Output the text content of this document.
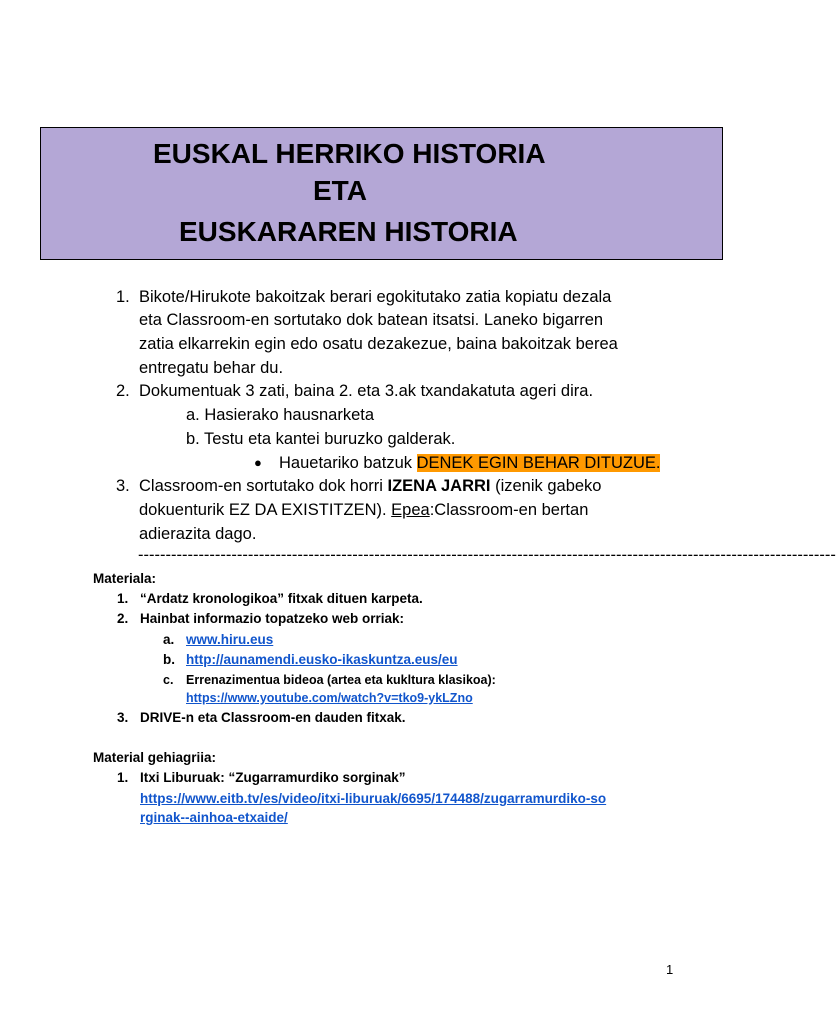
EUSKAL HERRIKO HISTORIA
ETA
EUSKARAREN HISTORIA
1. Bikote/Hirukote bakoitzak berari egokitutako zatia kopiatu dezala
eta Classroom-en sortutako dok batean itsatsi. Laneko bigarren
zatia elkarrekin egin edo osatu dezakezue, baina bakoitzak berea
entregatu behar du.
2. Dokumentuak 3 zati, baina 2. eta 3.ak txandakatuta ageri dira.
a. Hasierako hausnarketa
b. Testu eta kantei buruzko galderak.
● Hauetariko batzuk DENEK EGIN BEHAR DITUZUE.
3. Classroom-en sortutako dok horri IZENA JARRI (izenik gabeko
dokuenturik EZ DA EXISTITZEN). Epea:Classroom-en bertan
adierazita dago.
-------------------------------------------------------------------------------------------------------------------------------
Materiala:
1. “Ardatz kronologikoa” fitxak dituen karpeta.
2. Hainbat informazio topatzeko web orriak:
a. www.hiru.eus
b. http://aunamendi.eusko-ikaskuntza.eus/eu
c. Errenazimentua bideoa (artea eta kukltura klasikoa):
https://www.youtube.com/watch?v=tko9-ykLZno
3. DRIVE-n eta Classroom-en dauden fitxak.
Material gehiagriia:
1. Itxi Liburuak: “Zugarramurdiko sorginak”
https://www.eitb.tv/es/video/itxi-liburuak/6695/174488/zugarramurdiko-so
rginak--ainhoa-etxaide/
1
